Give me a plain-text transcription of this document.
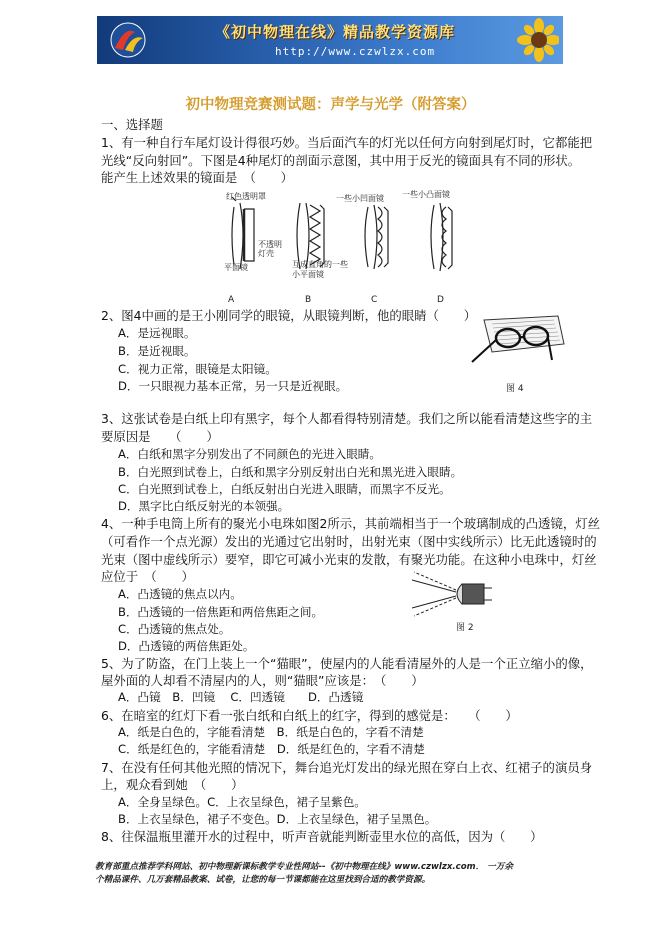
《初中物理在线》精品教学资源库
http://www.czwlzx.com
初中物理竞赛测试题：声学与光学（附答案）
一、选择题
1、有一种自行车尾灯设计得很巧妙。当后面汽车的灯光以任何方向射到尾灯时，它都能把
光线“反向射回”。下图是4种尾灯的剖面示意图，其中用于反光的镜面具有不同的形状。
能产生上述效果的镜面是　（　　）
红色透明罩
平面镜
不透明灯壳
互成直角的一些小平面镜
一些小凹面镜 一些小凸面镜
A	B	C	D
2、图4中画的是王小刚同学的眼镜，从眼镜判断，他的眼睛（　　）
A．是远视眼。
B．是近视眼。
C．视力正常，眼镜是太阳镜。
D．一只眼视力基本正常，另一只是近视眼。	图 4
3、这张试卷是白纸上印有黑字，每个人都看得特别清楚。我们之所以能看清楚这些字的主
要原因是　　（　　）
A．白纸和黑字分别发出了不同颜色的光进入眼睛。
B．白光照到试卷上，白纸和黑字分别反射出白光和黑光进入眼睛。
C．白光照到试卷上，白纸反射出白光进入眼睛，而黑字不反光。
D．黑字比白纸反射光的本领强。
4、一种手电筒上所有的聚光小电珠如图2所示，其前端相当于一个玻璃制成的凸透镜，灯丝
（可看作一个点光源）发出的光通过它出射时，出射光束（图中实线所示）比无此透镜时的
光束（图中虚线所示）要窄，即它可减小光束的发散，有聚光功能。在这种小电珠中，灯丝
应位于　（　　）
A．凸透镜的焦点以内。
B．凸透镜的一倍焦距和两倍焦距之间。
C．凸透镜的焦点处。
D．凸透镜的两倍焦距处。
图 2
5、为了防盗，在门上装上一个“猫眼”，使屋内的人能看清屋外的人是一个正立缩小的像，
屋外面的人却看不清屋内的人，则“猫眼”应该是：　（　　）
A．凸镜　B．凹镜　 C．凹透镜　　D．凸透镜
6、在暗室的红灯下看一张白纸和白纸上的红字，得到的感觉是：　　（　　）
A．纸是白色的，字能看清楚　B．纸是白色的，字看不清楚
C．纸是红色的，字能看清楚　D．纸是红色的，字看不清楚
7、在没有任何其他光照的情况下，舞台追光灯发出的绿光照在穿白上衣、红裙子的演员身
上，观众看到她　（　　）
A．全身呈绿色。C．上衣呈绿色，裙子呈紫色。
B．上衣呈绿色，裙子不变色。D．上衣呈绿色，裙子呈黑色。
8、往保温瓶里灌开水的过程中，听声音就能判断壶里水位的高低，因为（　　）
教育部重点推荐学科网站、初中物理新课标教学专业性网站--《初中物理在线》www.czwlzx.com． 一万余
个精品课件、几万套精品教案、试卷，让您的每一节课都能在这里找到合适的教学资源。
